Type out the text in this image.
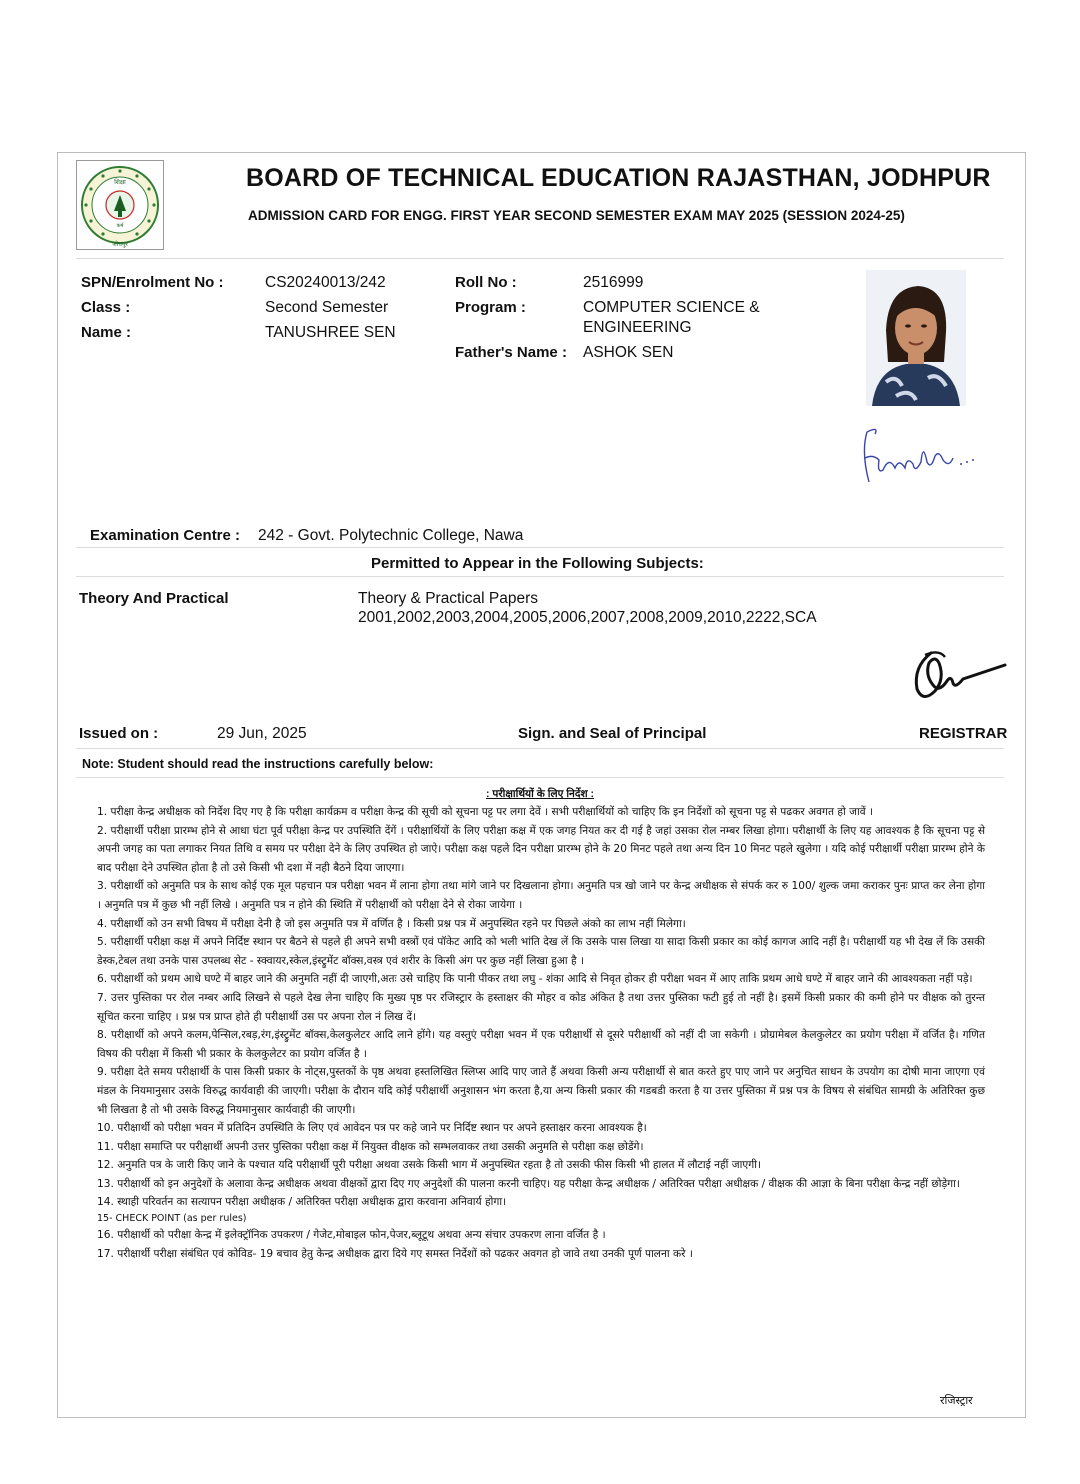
शिक्षा
कर्म
जोधपुर
BOARD OF TECHNICAL EDUCATION RAJASTHAN, JODHPUR
ADMISSION CARD FOR ENGG. FIRST YEAR SECOND SEMESTER EXAM MAY 2025 (SESSION 2024-25)
SPN/Enrolment No :	CS20240013/242
Class :	Second Semester
Name :	TANUSHREE SEN
Roll No :	2516999
Program :	COMPUTER SCIENCE &
ENGINEERING
Father's Name : ASHOK SEN
Examination Centre : 242 - Govt. Polytechnic College, Nawa
Permitted to Appear in the Following Subjects:
Theory And Practical	Theory & Practical Papers
2001,2002,2003,2004,2005,2006,2007,2008,2009,2010,2222,SCA
Issued on :	29 Jun, 2025	Sign. and Seal of Principal	REGISTRAR
Note: Student should read the instructions carefully below:
: परीक्षार्थियों के लिए निर्देश :

1. परीक्षा केन्द्र अधीक्षक को निर्देश दिए गए है कि परीक्षा कार्यक्रम व परीक्षा केन्द्र की सूची को सूचना पट्ट पर लगा देवें । सभी परीक्षार्थियों को चाहिए कि इन निर्देशों को सूचना पट्ट से पढकर अवगत हो जावें ।

2. परीक्षार्थी परीक्षा प्रारम्भ होने से आधा घंटा पूर्व परीक्षा केन्द्र पर उपस्थिति देंगें । परीक्षार्थियों के लिए परीक्षा कक्ष में एक जगह नियत कर दी गई है जहां उसका रोल नम्बर लिखा होगा। परीक्षार्थी के लिए यह आवश्यक है कि सूचना पट्ट से अपनी जगह का पता लगाकर नियत तिथि व समय पर परीक्षा देने के लिए उपस्थित हो जाऐ। परीक्षा कक्ष पहले दिन परीक्षा प्रारम्भ होने के 20 मिनट पहले तथा अन्य दिन 10 मिनट पहले खुलेगा । यदि कोई परीक्षार्थी परीक्षा प्रारम्भ होने के बाद परीक्षा देने उपस्थित होता है तो उसे किसी भी दशा में नही बैठने दिया जाएगा।

3. परीक्षार्थी को अनुमति पत्र के साथ कोई एक मूल पहचान पत्र परीक्षा भवन में लाना होगा तथा मांगे जाने पर दिखलाना होगा। अनुमति पत्र खो जाने पर केन्द्र अधीक्षक से संपर्क कर रु 100/ शुल्क जमा कराकर पुनः प्राप्त कर लेना होगा । अनुमति पत्र में कुछ भी नहीं लिखे । अनुमति पत्र न होने की स्थिति में परीक्षार्थी को परीक्षा देने से रोका जायेगा ।

4. परीक्षार्थी को उन सभी विषय में परीक्षा देनी है जो इस अनुमति पत्र में वर्णित है । किसी प्रश्न पत्र में अनुपस्थित रहने पर पिछले अंको का लाभ नहीं मिलेगा।

5. परीक्षार्थी परीक्षा कक्ष में अपने निर्दिष्ट स्थान पर बैठने से पहले ही अपने सभी वस्त्रों एवं पॉकेट आदि को भली भांति देख लें कि उसके पास लिखा या सादा किसी प्रकार का कोई कागज आदि नहीं है। परीक्षार्थी यह भी देख लें कि उसकी डेस्क,टेबल तथा उनके पास उपलब्ध सेट - स्क्वायर,स्केल,इंस्ट्रुमेंट बॉक्स,वस्त्र एवं शरीर के किसी अंग पर कुछ नहीं लिखा हुआ है ।

6. परीक्षार्थी को प्रथम आधे घण्टे में बाहर जाने की अनुमति नहीं दी जाएगी,अतः उसे चाहिए कि पानी पीकर तथा लघु - शंका आदि से निवृत होकर ही परीक्षा भवन में आए ताकि प्रथम आधे घण्टे में बाहर जाने की आवश्यकता नहीं पड़े।

7. उत्तर पुस्तिका पर रोल नम्बर आदि लिखने से पहले देख लेना चाहिए कि मुख्य पृष्ठ पर रजिस्ट्रार के हस्ताक्षर की मोहर व कोड अंकित है तथा उत्तर पुस्तिका फटी हुई तो नहीं है। इसमें किसी प्रकार की कमी होने पर वीक्षक को तुरन्त सूचित करना चाहिए । प्रश्न पत्र प्राप्त होते ही परीक्षार्थी उस पर अपना रोल नं लिख दें।

8. परीक्षार्थी को अपने कलम,पेन्सिल,रबड़,रंग,इंस्ट्रुमेंट बॉक्स,केलकुलेटर आदि लाने होंगे। यह वस्तुएं परीक्षा भवन में एक परीक्षार्थी से दूसरे परीक्षार्थी को नहीं दी जा सकेगी । प्रोग्रामेबल केलकुलेटर का प्रयोग परीक्षा में वर्जित है। गणित विषय की परीक्षा में किसी भी प्रकार के केलकुलेटर का प्रयोग वर्जित है ।

9. परीक्षा देते समय परीक्षार्थी के पास किसी प्रकार के नोट्स,पुस्तकों के पृष्ठ अथवा हस्तलिखित स्लिप्स आदि पाए जाते हैं अथवा किसी अन्य परीक्षार्थी से बात करते हुए पाए जाने पर अनुचित साधन के उपयोग का दोषी माना जाएगा एवं मंडल के नियमानुसार उसके विरुद्ध कार्यवाही की जाएगी। परीक्षा के दौरान यदि कोई परीक्षार्थी अनुशासन भंग करता है,या अन्य किसी प्रकार की गडबडी करता है या उत्तर पुस्तिका में प्रश्न पत्र के विषय से संबंधित सामग्री के अतिरिक्त कुछ भी लिखता है तो भी उसके विरुद्ध नियमानुसार कार्यवाही की जाएगी।

10. परीक्षार्थी को परीक्षा भवन में प्रतिदिन उपस्थिति के लिए एवं आवेदन पत्र पर कहे जाने पर निर्दिष्ट स्थान पर अपने हस्ताक्षर करना आवश्यक है।

11. परीक्षा समाप्ति पर परीक्षार्थी अपनी उत्तर पुस्तिका परीक्षा कक्ष में नियुक्त वीक्षक को सम्भलवाकर तथा उसकी अनुमति से परीक्षा कक्ष छोडेंगे।

12. अनुमति पत्र के जारी किए जाने के पश्चात यदि परीक्षार्थी पूरी परीक्षा अथवा उसके किसी भाग में अनुपस्थित रहता है तो उसकी फीस किसी भी हालत में लौटाई नहीं जाएगी।

13. परीक्षार्थी को इन अनुदेशों के अलावा केन्द्र अधीक्षक अथवा वीक्षकों द्वारा दिए गए अनुदेशों की पालना करनी चाहिए। यह परीक्षा केन्द्र अधीक्षक / अतिरिक्त परीक्षा अधीक्षक / वीक्षक की आज्ञा के बिना परीक्षा केन्द्र नहीं छोड़ेगा।

14. स्थाही परिवर्तन का सत्यापन परीक्षा अधीक्षक / अतिरिक्त परीक्षा अधीक्षक द्वारा करवाना अनिवार्य होगा।

15- CHECK POINT (as per rules)

16. परीक्षार्थी को परीक्षा केन्द्र में इलेक्ट्रॉनिक उपकरण / गेजेट,मोबाइल फोन,पेजर,ब्लूटूथ अथवा अन्य संचार उपकरण लाना वर्जित है ।

17. परीक्षार्थी परीक्षा संबंधित एवं कोविड- 19 बचाव हेतु केन्द्र अधीक्षक द्वारा दिये गए समस्त निर्देशों को पढकर अवगत हो जावे तथा उनकी पूर्ण पालना करे ।

रजिस्ट्रार
